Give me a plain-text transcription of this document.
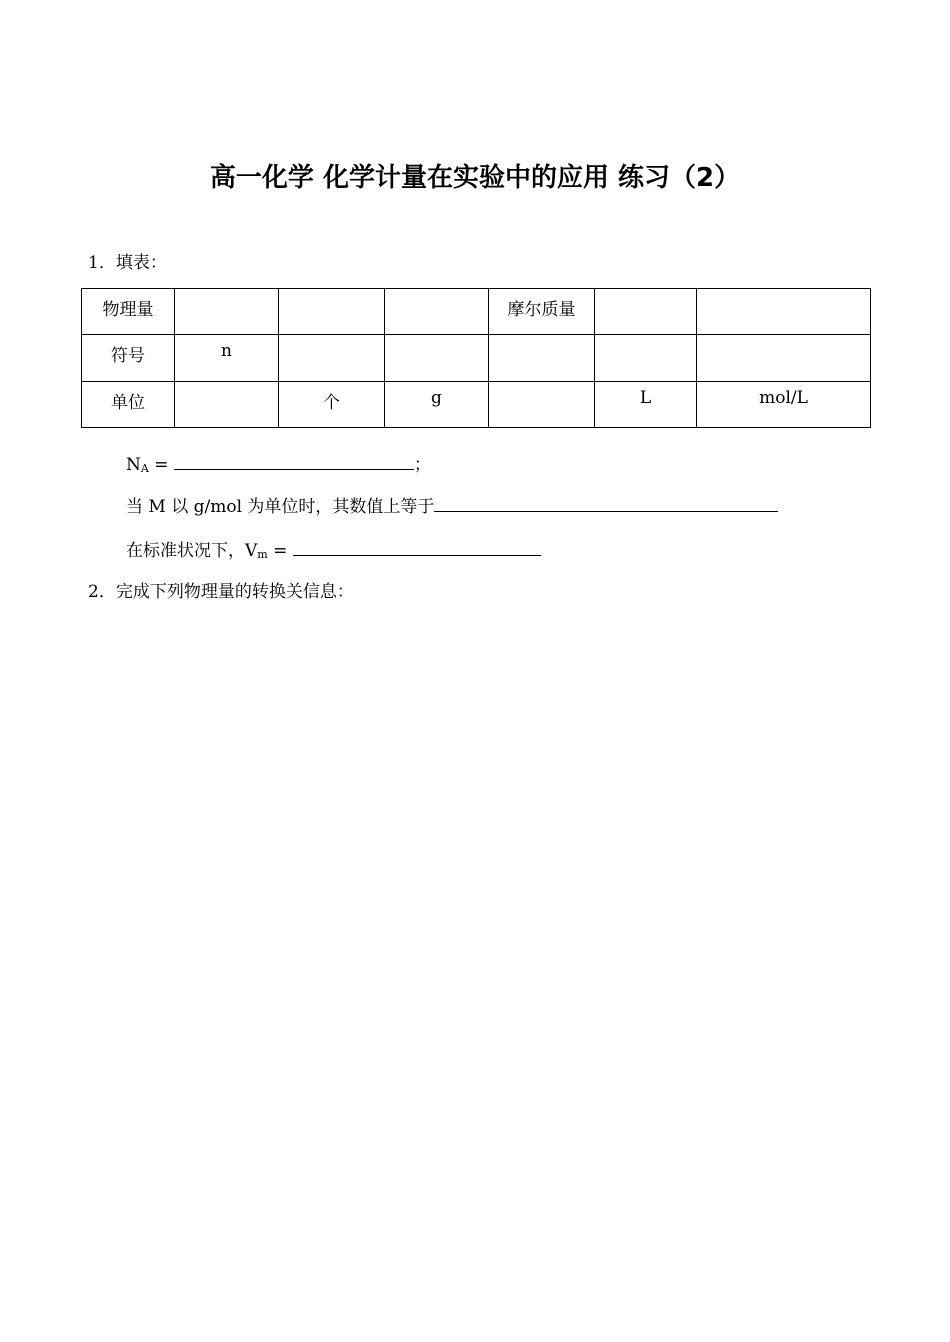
高一化学 化学计量在实验中的应用 练习（2）
1．填表：
物理量				摩尔质量		
符号	n					
单位		个	g		L	mol/L
NA =	；
当 M 以 g/mol 为单位时，其数值上等于
在标准状况下，Vm =
2．完成下列物理量的转换关信息：
